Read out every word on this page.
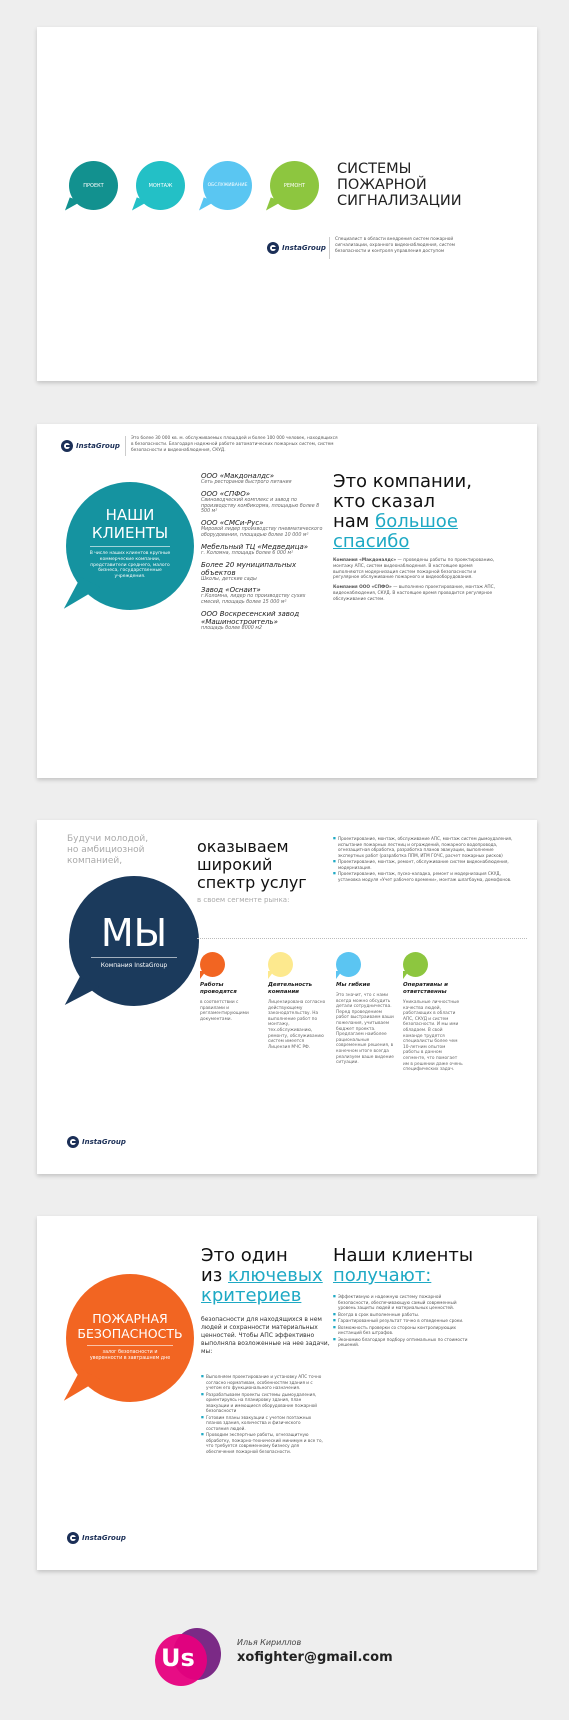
ПРОЕКТ	МОНТАЖ	ОБСЛУЖИВАНИЕ	РЕМОНТ
СИСТЕМЫ
ПОЖАРНОЙ
СИГНАЛИЗАЦИИ
InstaGroup
Специалист в области внедрения систем пожарной сигнализации, охранного видеонаблюдения, систем безопасности и контроля управления доступом
InstaGroup
Это более 30 000 кв. м. обслуживаемых площадей и более 100 000 человек, находящихся в безопасности. Благодаря надежной работе автоматических пожарных систем, систем безопасности и видеонаблюдения, СКУД.
НАШИ
КЛИЕНТЫ
В числе наших клиентов крупные коммерческие компании, представители среднего, малого бизнеса, государственные учреждения.
ООО «Макдоналдс»
Сеть ресторанов быстрого питания
ООО «СПФО»
Свиноводческий комплекс и завод по производству комбикорма, площадью более 8 500 м²
ООО «СМСи-Рус»
Мировой лидер производству пневматического оборудования, площадью более 10 000 м²
Мебельный ТЦ «Медведица»
г. Коломна, площадь более 6 000 м²
Более 20 муниципальных объектов
Школы, детские сады
Завод «Оснаит»
г.Коломна, лидер по производству сухих смесей, площадь более 15 000 м²
ООО Воскресенский завод «Машиностроитель»
площадь более 8000 м2
Это компании,
кто сказал
нам большое
спасибо

Компания «Макдоналдс» — проведены работы по проектированию, монтажу АПС, систем видеонаблюдения. В настоящее время выполняются модернизация систем пожарной безопасности и регулярное обслуживание пожарного и видеооборудования.

Компания ООО «СПФО» — выполнено проектирование, монтаж АПС, видеонаблюдения, СКУД. В настоящее время проводится регулярное обслуживание систем.

Будучи молодой,
но амбициозной
компанией,
МЫ
Компания InstaGroup
оказываем
широкий
спектр услуг
в своем сегменте рынка:
■ Проектирование, монтаж, обслуживание АПС, монтаж систем дымоудаления, испытание пожарных лестниц и ограждений, пожарного водопровода, огнезащитная обработка, разработка планов эвакуации, выполнение экспертных работ (разработка ППМ, ИТМ ГОЧС, расчет пожарных рисков)
■ Проектирование, монтаж, ремонт, обслуживание систем видеонаблюдения, модернизация.
■ Проектирование, монтаж, пуско-наладка, ремонт и модернизация СКУД, установка модуля «Учет рабочего времени», монтаж шлагбаума, домофонов.
Работы проводятся
в соответствии с правилами и регламентирующими документами.
Деятельность компании
Лицензирована согласно действующему законодательству. На выполнение работ по монтажу, тех.обслуживанию, ремонту, обслуживанию систем имеется Лицензия МЧС РФ.
Мы гибкие
Это значит, что с нами всегда можно обсудить детали сотрудничества. Перед проведением работ выстраиваем ваши пожелания, учитываем бюджет проекта. Предлагаем наиболее рациональные современные решения, в конечном итоге всегда реализуем ваше видение ситуации.
Оперативны и ответственны
Уникальные личностные качества людей, работающих в области АПС, СКУД и систем безопасности. И мы ими обладаем. В свой команде трудятся специалисты более чем 10-летним опытом работы в данном сегменте, что помогает им в решении даже очень специфических задач.
InstaGroup
ПОЖАРНАЯ
БЕЗОПАСНОСТЬ
залог безопасности и уверенности в завтрашнем дне
Это один
из ключевых
критериев
безопасности для находящихся в нем людей и сохранности материальных ценностей. Чтобы АПС эффективно выполняла возложенные на нее задачи, мы:
■ Выполняем проектирование и установку АПС точно согласно нормативам, особенностям здания и с учетом его функционального назначения.
■ Разрабатываем проекты системы дымоудаления, ориентируясь на планировку здания, план эвакуации и имеющиеся оборудование пожарной безопасности
■ Готовим планы эвакуации с учетом поэтажных планов здания, количества и физического состояния людей.
■ Проводим экспертные работы, огнезащитную обработку, пожарно-технический минимум и все то, что требуется современному бизнесу для обеспечения пожарной безопасности.
Наши клиенты
получают:
■ Эффективную и надежную систему пожарной безопасности, обеспечивающую самый современный уровень защиты людей и материальных ценностей.
■ Всегда в срок выполненные работы.
■ Гарантированный результат точно в отведенные сроки.
■ Возможность проверки со стороны контролирующих инстанций без штрафов.
■ Экономию благодаря подбору оптимальных по стоимости решений.
InstaGroup
Us
Илья Кириллов
xofighter@gmail.com
